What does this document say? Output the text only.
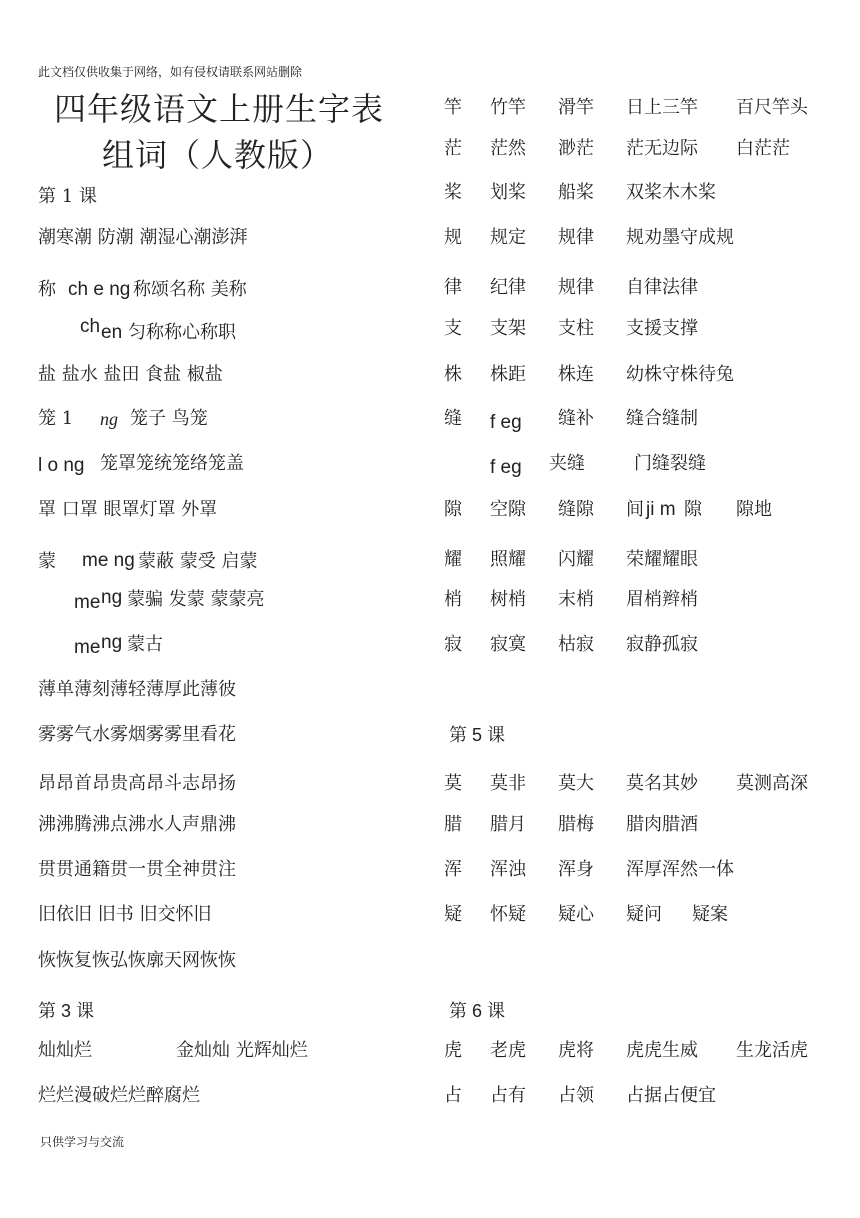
此文档仅供收集于网络，如有侵权请联系网站删除
只供学习与交流
四年级语文上册生字表
组词（人教版）
第 1 课
潮寒潮 防潮 潮湿心潮澎湃
称 ch e ng 称颂名称 美称
ch en 匀称称心称职
盐 盐水 盐田 食盐 椒盐
笼 1 ng 笼子 鸟笼
l o ng 笼罩笼统笼络笼盖
罩 口罩 眼罩灯罩 外罩
蒙 me ng 蒙蔽 蒙受 启蒙
me ng 蒙骗 发蒙 蒙蒙亮
me ng 蒙古
薄单薄刻薄轻薄厚此薄彼
雾雾气水雾烟雾雾里看花
昂昂首昂贵高昂斗志昂扬
沸沸腾沸点沸水人声鼎沸
贯贯通籍贯一贯全神贯注
旧依旧 旧书 旧交怀旧
恢恢复恢弘恢廓天网恢恢
第 3 课
灿灿烂	金灿灿 光辉灿烂
烂烂漫破烂烂醉腐烂
竿 竹竿 滑竿 日上三竿 百尺竿头
茫 茫然 渺茫 茫无边际 白茫茫
桨 划桨 船桨 双桨木木桨
规 规定 规律 规劝墨守成规
律 纪律 规律 自律法律
支 支架 支柱 支援支撑
株 株距 株连 幼株守株待兔
耀 照耀 闪耀 荣耀耀眼
梢 树梢 末梢 眉梢辫梢
寂 寂寞 枯寂 寂静孤寂
莫 莫非 莫大 莫名其妙 莫测高深
腊 腊月 腊梅 腊肉腊酒
浑 浑浊 浑身 浑厚浑然一体
疑 怀疑 疑心 疑问 疑案
虎 老虎 虎将 虎虎生威 生龙活虎
占 占有 占领 占据占便宜
缝 f eg 缝补 缝合缝制
f eg 夹缝	门缝裂缝
隙 空隙 缝隙 间 ji m 隙 隙地
第 5 课
第 6 课
